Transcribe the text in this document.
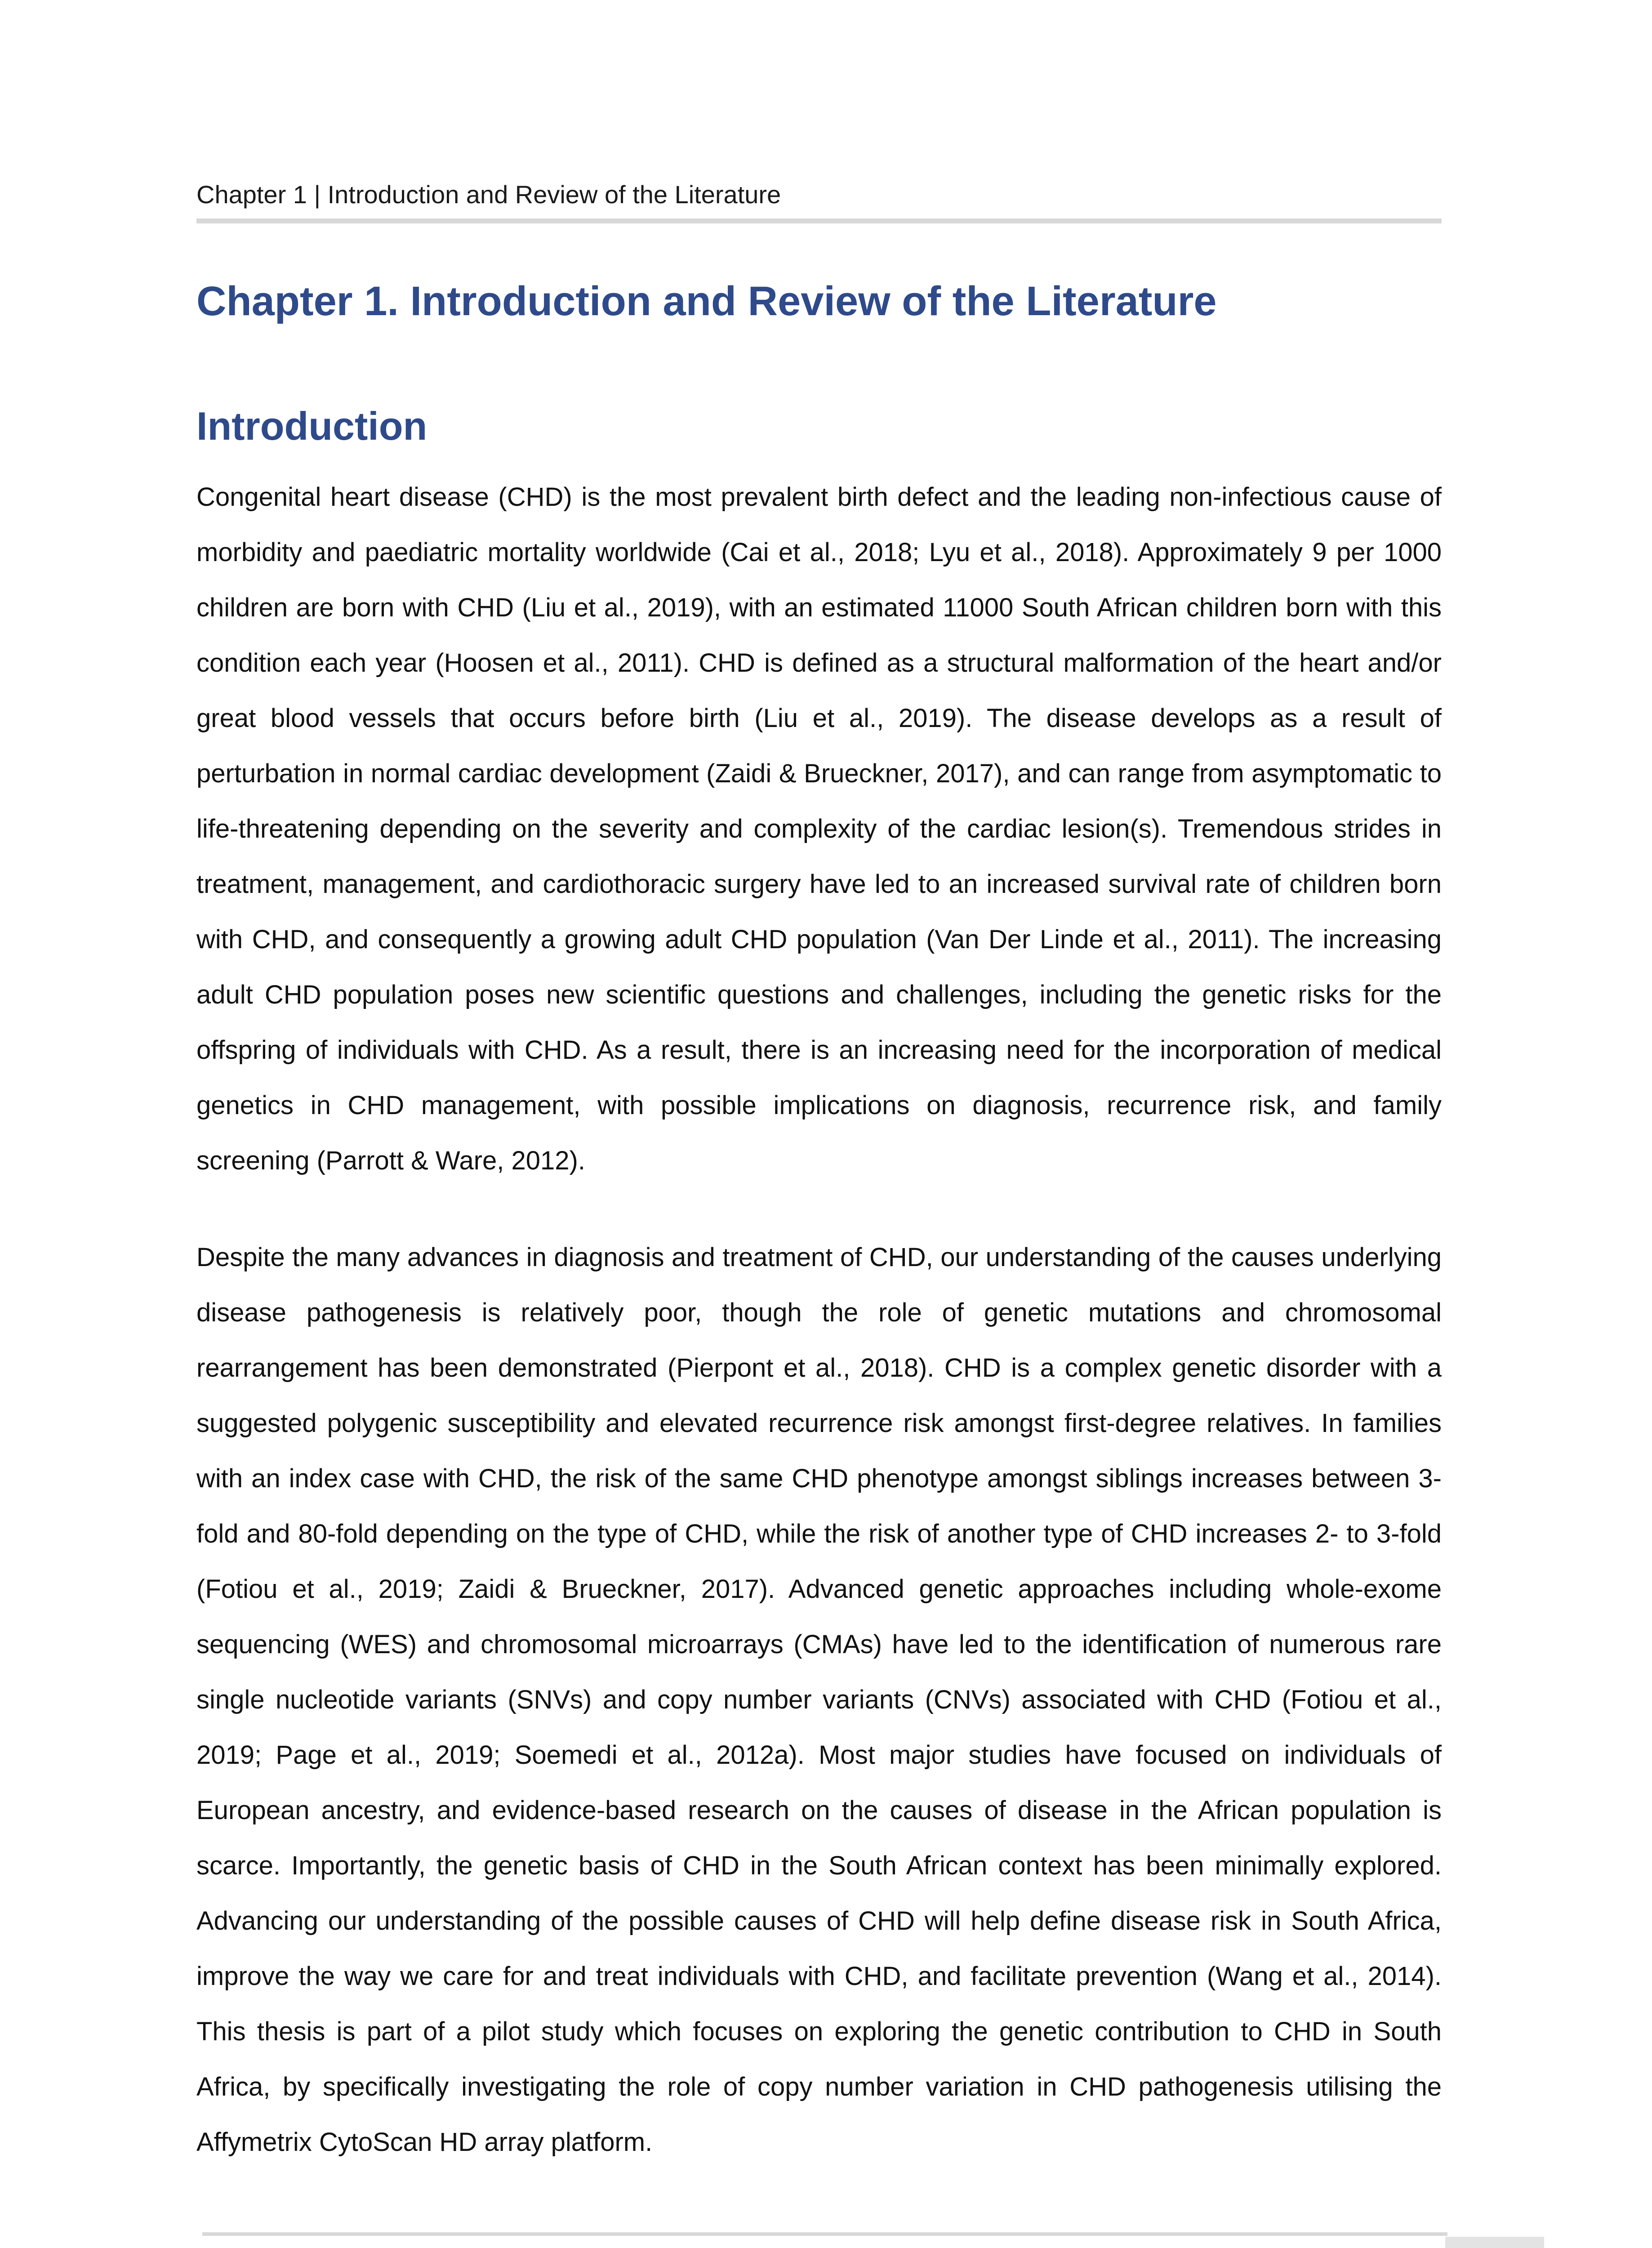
Chapter 1 | Introduction and Review of the Literature
Chapter 1. Introduction and Review of the Literature
Introduction

Congenital heart disease (CHD) is the most prevalent birth defect and the leading non-infectious cause of morbidity and paediatric mortality worldwide (Cai et al., 2018; Lyu et al., 2018). Approximately 9 per 1000 children are born with CHD (Liu et al., 2019), with an estimated 11000 South African children born with this condition each year (Hoosen et al., 2011). CHD is defined as a structural malformation of the heart and/or great blood vessels that occurs before birth (Liu et al., 2019). The disease develops as a result of perturbation in normal cardiac development (Zaidi & Brueckner, 2017), and can range from asymptomatic to life-threatening depending on the severity and complexity of the cardiac lesion(s). Tremendous strides in treatment, management, and cardiothoracic surgery have led to an increased survival rate of children born with CHD, and consequently a growing adult CHD population (Van Der Linde et al., 2011). The increasing adult CHD population poses new scientific questions and challenges, including the genetic risks for the offspring of individuals with CHD. As a result, there is an increasing need for the incorporation of medical genetics in CHD management, with possible implications on diagnosis, recurrence risk, and family screening (Parrott & Ware, 2012).

Despite the many advances in diagnosis and treatment of CHD, our understanding of the causes underlying disease pathogenesis is relatively poor, though the role of genetic mutations and chromosomal rearrangement has been demonstrated (Pierpont et al., 2018). CHD is a complex genetic disorder with a suggested polygenic susceptibility and elevated recurrence risk amongst first-degree relatives. In families with an index case with CHD, the risk of the same CHD phenotype amongst siblings increases between 3-fold and 80-fold depending on the type of CHD, while the risk of another type of CHD increases 2- to 3-fold (Fotiou et al., 2019; Zaidi & Brueckner, 2017). Advanced genetic approaches including whole-exome sequencing (WES) and chromosomal microarrays (CMAs) have led to the identification of numerous rare single nucleotide variants (SNVs) and copy number variants (CNVs) associated with CHD (Fotiou et al., 2019; Page et al., 2019; Soemedi et al., 2012a). Most major studies have focused on individuals of European ancestry, and evidence-based research on the causes of disease in the African population is scarce. Importantly, the genetic basis of CHD in the South African context has been minimally explored. Advancing our understanding of the possible causes of CHD will help define disease risk in South Africa, improve the way we care for and treat individuals with CHD, and facilitate prevention (Wang et al., 2014). This thesis is part of a pilot study which focuses on exploring the genetic contribution to CHD in South Africa, by specifically investigating the role of copy number variation in CHD pathogenesis utilising the Affymetrix CytoScan HD array platform.
